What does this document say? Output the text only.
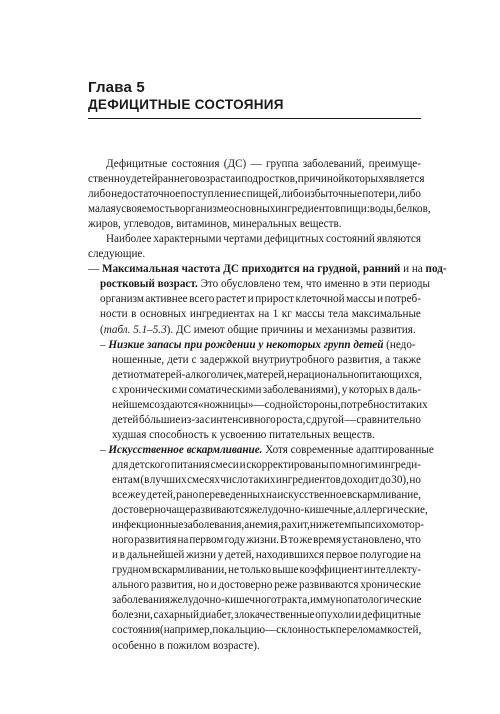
Глава 5
ДЕФИЦИТНЫЕ СОСТОЯНИЯ
Дефицитные состояния (ДС) — группа заболеваний, преимуще-
ственно у детей раннего возраста и подростков, причиной которых является
либо недостаточное поступление с пищей, либо избыточные потери, либо
малая усвояемость в организме основных ингредиентов пищи: воды, белков,
жиров, углеводов, витаминов, минеральных веществ.
Наиболее характерными чертами дефицитных состояний являются
следующие.
— Максимальная частота ДС приходится на грудной, ранний и на под-
ростковый возраст. Это обусловлено тем, что именно в эти периоды
организм активнее всего растет и прирост клеточной массы и потреб-
ности в основных ингредиентах на 1 кг массы тела максимальные
(табл. 5.1–5.3). ДС имеют общие причины и механизмы развития.
– Низкие запасы при рождении у некоторых групп детей (недо-
ношенные, дети с задержкой внутриутробного развития, а также
дети от матерей-алкоголичек, матерей, нерационально питающихся,
с хроническими соматическими заболеваниями), у которых в даль-
нейшем создаются «ножницы» — с одной стороны, потребности таких
детей бóльшие из-за с интенсивного роста, с другой — сравнительно
худшая способность к усвоению питательных веществ.
– Искусственное вскармливание. Хотя современные адаптированные
для детского питания смеси и скорректированы по многим ингреди-
ентам (в лучших смесях число таких ингредиентов доходит до 30), но
все же у детей, рано переведенных на искусственное вскармливание,
достоверно чаще развиваются желудочно-кишечные, аллергические,
инфекционные заболевания, анемия, рахит, ниже темпы психомотор-
ного развития на первом году жизни. В то же время установлено, что
и в дальнейшей жизни у детей, находившихся первое полугодие на
грудном вскармливании, не только выше коэффициент интеллекту-
ального развития, но и достоверно реже развиваются хронические
заболевания желудочно-кишечного тракта, иммунопатологические
болезни, сахарный диабет, злокачественные опухоли и дефицитные
состояния (например, по кальцию — склонность к переломам костей,
особенно в пожилом возрасте).
